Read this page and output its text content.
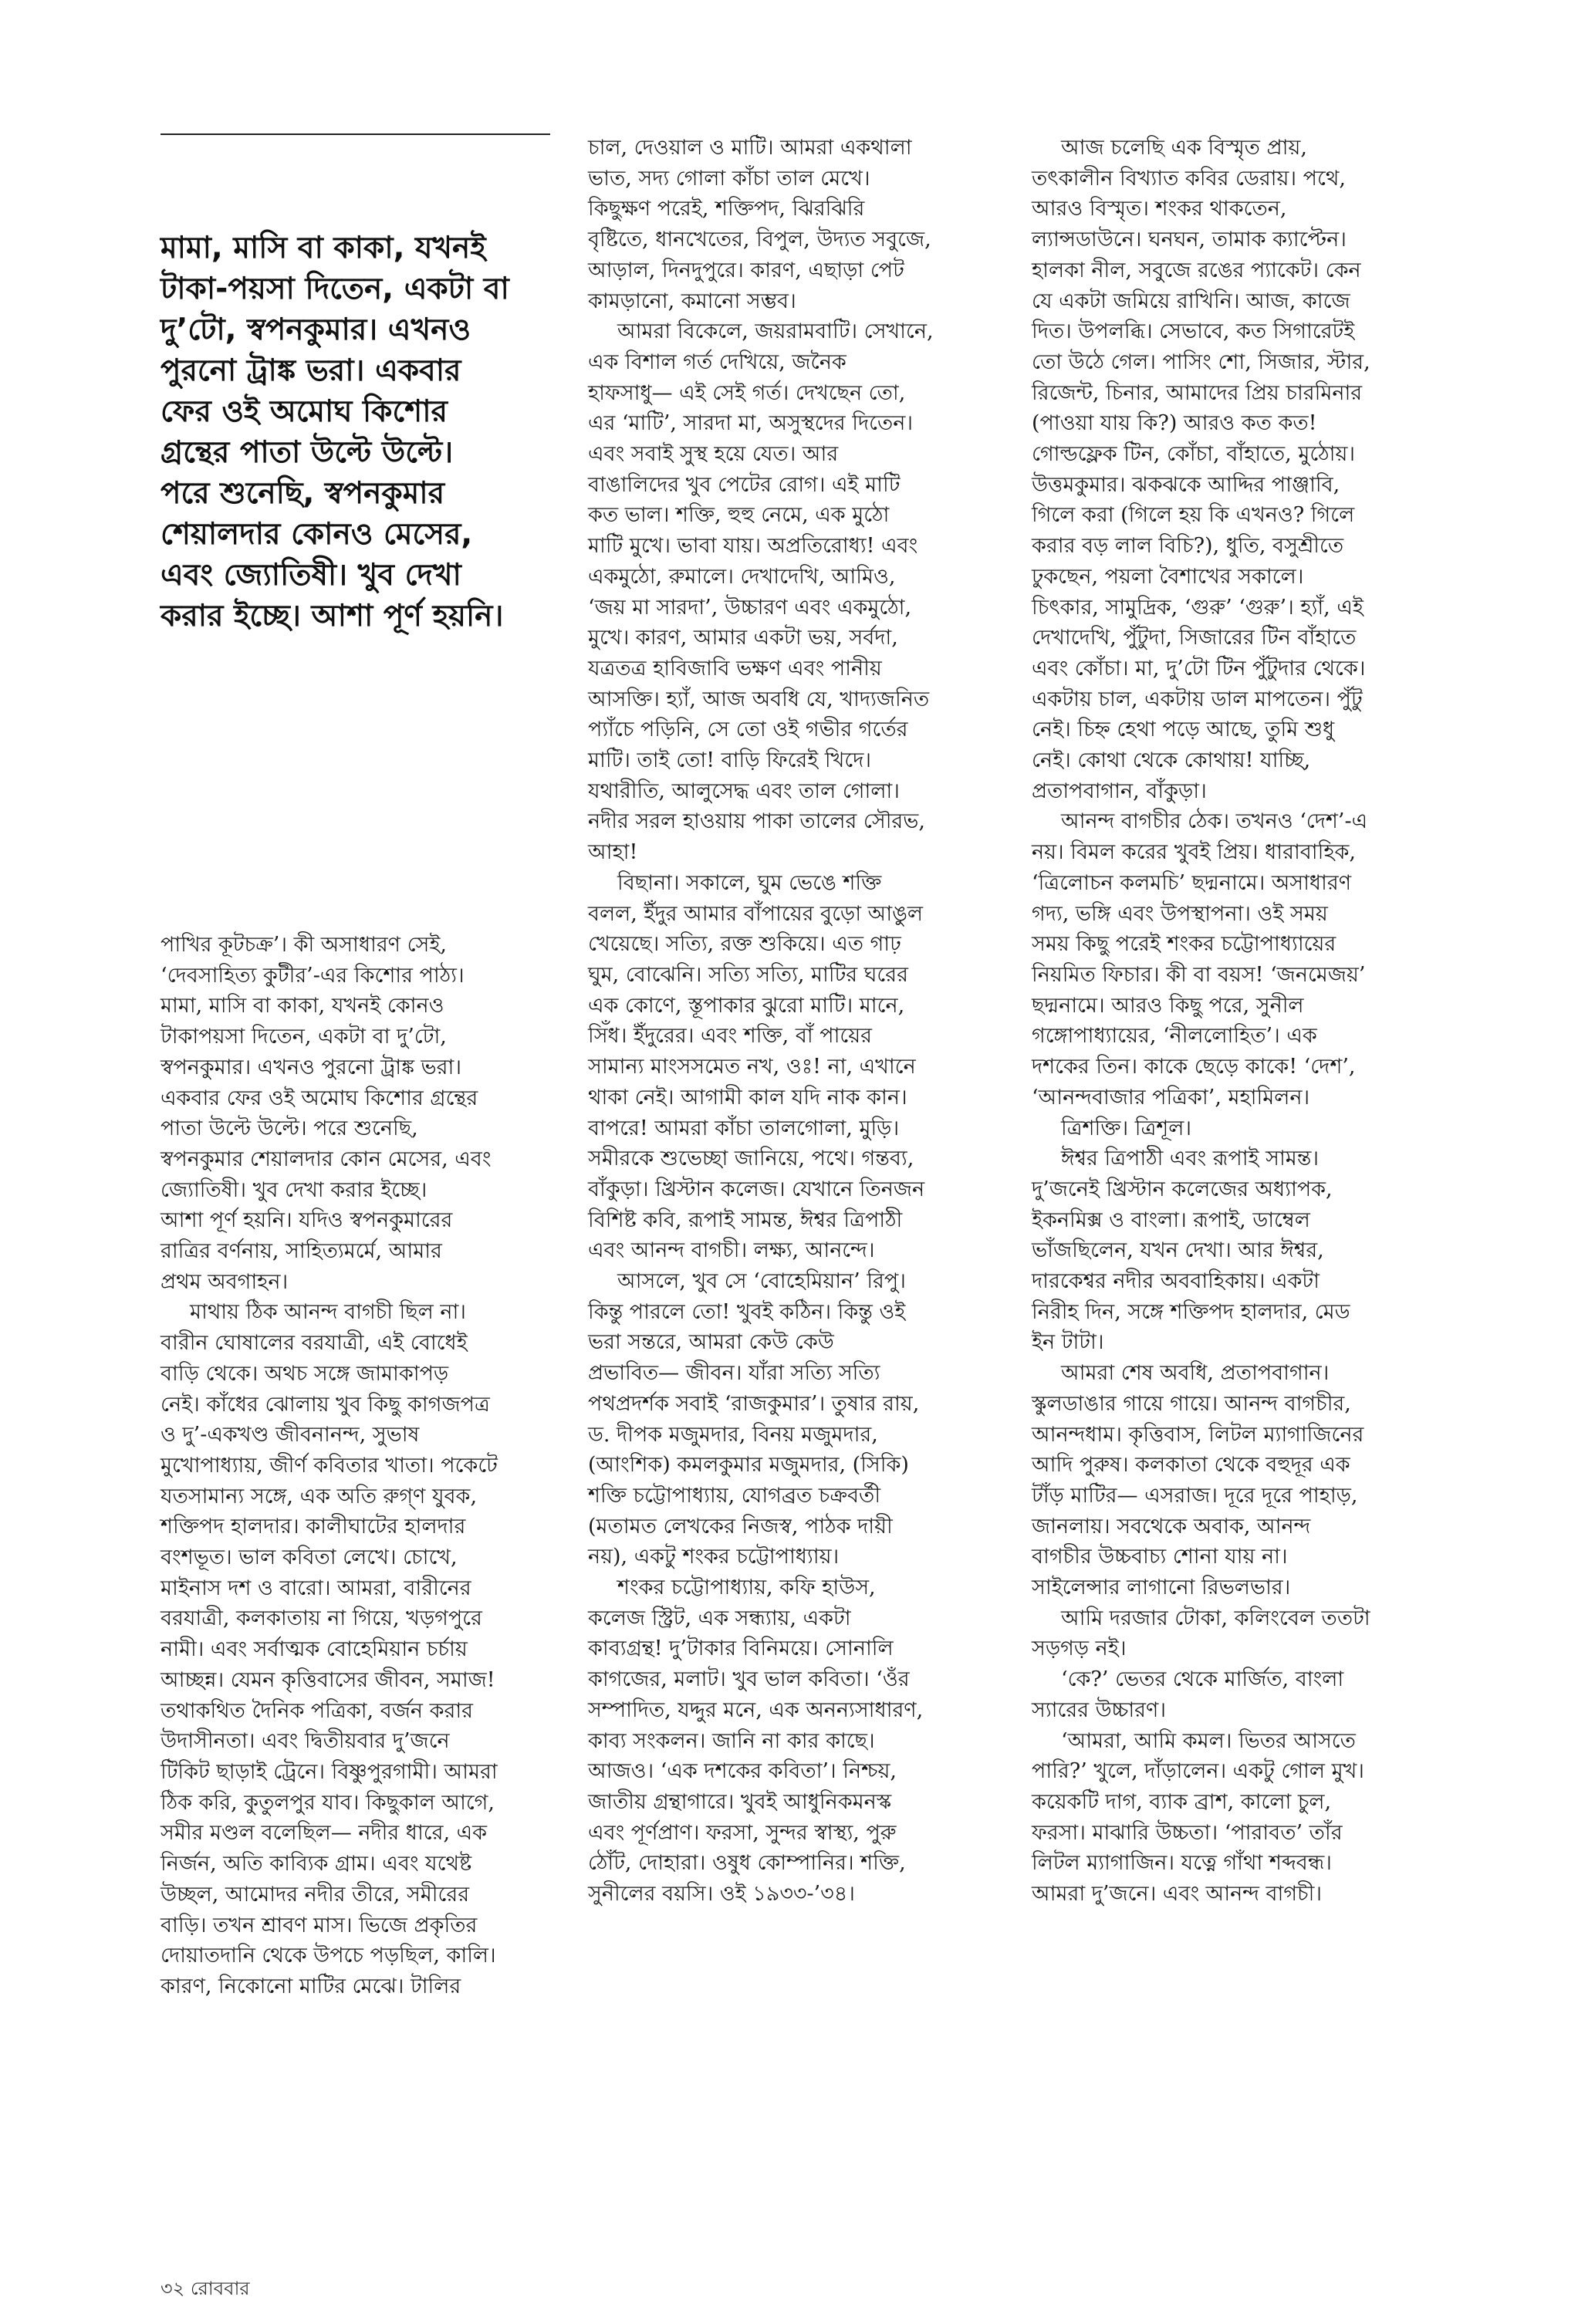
মামা, মাসি বা কাকা, যখনই
টাকা-পয়সা দিতেন, একটা বা
দু’টো, স্বপনকুমার। এখনও
পুরনো ট্রাঙ্ক ভরা। একবার
ফের ওই অমোঘ কিশোর
গ্রন্থের পাতা উল্টে উল্টে।
পরে শুনেছি, স্বপনকুমার
শেয়ালদার কোনও মেসের,
এবং জ্যোতিষী। খুব দেখা
করার ইচ্ছে। আশা পূর্ণ হয়নি।

পাখির কূটচক্র’। কী অসাধারণ সেই,
‘দেবসাহিত্য কুটীর’-এর কিশোর পাঠ্য।
মামা, মাসি বা কাকা, যখনই কোনও
টাকাপয়সা দিতেন, একটা বা দু’টো,
স্বপনকুমার। এখনও পুরনো ট্রাঙ্ক ভরা।
একবার ফের ওই অমোঘ কিশোর গ্রন্থের
পাতা উল্টে উল্টে। পরে শুনেছি,
স্বপনকুমার শেয়ালদার কোন মেসের, এবং
জ্যোতিষী। খুব দেখা করার ইচ্ছে।
আশা পূর্ণ হয়নি। যদিও স্বপনকুমারের
রাত্রির বর্ণনায়, সাহিত্যমর্মে, আমার
প্রথম অবগাহন।

মাথায় ঠিক আনন্দ বাগচী ছিল না।
বারীন ঘোষালের বরযাত্রী, এই বোধেই
বাড়ি থেকে। অথচ সঙ্গে জামাকাপড়
নেই। কাঁধের ঝোলায় খুব কিছু কাগজপত্র
ও দু’-একখণ্ড জীবনানন্দ, সুভাষ
মুখোপাধ্যায়, জীর্ণ কবিতার খাতা। পকেটে
যতসামান্য সঙ্গে, এক অতি রুগ্ণ যুবক,
শক্তিপদ হালদার। কালীঘাটের হালদার
বংশভূত। ভাল কবিতা লেখে। চোখে,
মাইনাস দশ ও বারো। আমরা, বারীনের
বরযাত্রী, কলকাতায় না গিয়ে, খড়গপুরে
নামী। এবং সর্বাত্মক বোহেমিয়ান চর্চায়
আচ্ছন্ন। যেমন কৃত্তিবাসের জীবন, সমাজ!
তথাকথিত দৈনিক পত্রিকা, বর্জন করার
উদাসীনতা। এবং দ্বিতীয়বার দু’জনে
টিকিট ছাড়াই ট্রেনে। বিষ্ণুপুরগামী। আমরা
ঠিক করি, কুতুলপুর যাব। কিছুকাল আগে,
সমীর মণ্ডল বলেছিল— নদীর ধারে, এক
নির্জন, অতি কাব্যিক গ্রাম। এবং যথেষ্ট
উচ্ছল, আমোদর নদীর তীরে, সমীরের
বাড়ি। তখন শ্রাবণ মাস। ভিজে প্রকৃতির
দোয়াতদানি থেকে উপচে পড়ছিল, কালি।
কারণ, নিকোনো মাটির মেঝে। টালির

চাল, দেওয়াল ও মাটি। আমরা একথালা
ভাত, সদ্য গোলা কাঁচা তাল মেখে।
কিছুক্ষণ পরেই, শক্তিপদ, ঝিরঝিরি
বৃষ্টিতে, ধানখেতের, বিপুল, উদ্যত সবুজে,
আড়াল, দিনদুপুরে। কারণ, এছাড়া পেট
কামড়ানো, কমানো সম্ভব।

আমরা বিকেলে, জয়রামবাটি। সেখানে,
এক বিশাল গর্ত দেখিয়ে, জনৈক
হাফসাধু— এই সেই গর্ত। দেখছেন তো,
এর ‘মাটি’, সারদা মা, অসুস্থদের দিতেন।
এবং সবাই সুস্থ হয়ে যেত। আর
বাঙালিদের খুব পেটের রোগ। এই মাটি
কত ভাল। শক্তি, হুহু নেমে, এক মুঠো
মাটি মুখে। ভাবা যায়। অপ্রতিরোধ্য! এবং
একমুঠো, রুমালে। দেখাদেখি, আমিও,
‘জয় মা সারদা’, উচ্চারণ এবং একমুঠো,
মুখে। কারণ, আমার একটা ভয়, সর্বদা,
যত্রতত্র হাবিজাবি ভক্ষণ এবং পানীয়
আসক্তি। হ্যাঁ, আজ অবধি যে, খাদ্যজনিত
প্যাঁচে পড়িনি, সে তো ওই গভীর গর্তের
মাটি। তাই তো! বাড়ি ফিরেই খিদে।
যথারীতি, আলুসেদ্ধ এবং তাল গোলা।
নদীর সরল হাওয়ায় পাকা তালের সৌরভ,
আহা!

বিছানা। সকালে, ঘুম ভেঙে শক্তি
বলল, ইঁদুর আমার বাঁপায়ের বুড়ো আঙুল
খেয়েছে। সত্যি, রক্ত শুকিয়ে। এত গাঢ়
ঘুম, বোঝেনি। সত্যি সত্যি, মাটির ঘরের
এক কোণে, স্তূপাকার ঝুরো মাটি। মানে,
সিঁধ। ইঁদুরের। এবং শক্তি, বাঁ পায়ের
সামান্য মাংসসমেত নখ, ওঃ! না, এখানে
থাকা নেই। আগামী কাল যদি নাক কান।
বাপরে! আমরা কাঁচা তালগোলা, মুড়ি।
সমীরকে শুভেচ্ছা জানিয়ে, পথে। গন্তব্য,
বাঁকুড়া। খ্রিস্টান কলেজ। যেখানে তিনজন
বিশিষ্ট কবি, রূপাই সামন্ত, ঈশ্বর ত্রিপাঠী
এবং আনন্দ বাগচী। লক্ষ্য, আনন্দে।

আসলে, খুব সে ‘বোহেমিয়ান’ রিপু।
কিন্তু পারলে তো! খুবই কঠিন। কিন্তু ওই
ভরা সন্তরে, আমরা কেউ কেউ
প্রভাবিত— জীবন। যাঁরা সত্যি সত্যি
পথপ্রদর্শক সবাই ‘রাজকুমার’। তুষার রায়,
ড. দীপক মজুমদার, বিনয় মজুমদার,
(আংশিক) কমলকুমার মজুমদার, (সিকি)
শক্তি চট্টোপাধ্যায়, যোগব্রত চক্রবর্তী
(মতামত লেখকের নিজস্ব, পাঠক দায়ী
নয়), একটু শংকর চট্টোপাধ্যায়।

শংকর চট্টোপাধ্যায়, কফি হাউস,
কলেজ স্ট্রিট, এক সন্ধ্যায়, একটা
কাব্যগ্রন্থ! দু’টাকার বিনিময়ে। সোনালি
কাগজের, মলাট। খুব ভাল কবিতা। ‘ওঁর
সম্পাদিত, যদ্দুর মনে, এক অনন্যসাধারণ,
কাব্য সংকলন। জানি না কার কাছে।
আজও। ‘এক দশকের কবিতা’। নিশ্চয়,
জাতীয় গ্রন্থাগারে। খুবই আধুনিকমনস্ক
এবং পূর্ণপ্রাণ। ফরসা, সুন্দর স্বাস্থ্য, পুরু
ঠোঁট, দোহারা। ওষুধ কোম্পানির। শক্তি,
সুনীলের বয়সি। ওই ১৯৩৩-’৩৪।

আজ চলেছি এক বিস্মৃত প্রায়,
তৎকালীন বিখ্যাত কবির ডেরায়। পথে,
আরও বিস্মৃত। শংকর থাকতেন,
ল্যান্সডাউনে। ঘনঘন, তামাক ক্যাপ্টেন।
হালকা নীল, সবুজে রঙের প্যাকেট। কেন
যে একটা জমিয়ে রাখিনি। আজ, কাজে
দিত। উপলব্ধি। সেভাবে, কত সিগারেটই
তো উঠে গেল। পাসিং শো, সিজার, স্টার,
রিজেন্ট, চিনার, আমাদের প্রিয় চারমিনার
(পাওয়া যায় কি?) আরও কত কত!
গোল্ডফ্লেক টিন, কোঁচা, বাঁহাতে, মুঠোয়।
উত্তমকুমার। ঝকঝকে আদ্দির পাঞ্জাবি,
গিলে করা (গিলে হয় কি এখনও? গিলে
করার বড় লাল বিচি?), ধুতি, বসুশ্রীতে
ঢুকছেন, পয়লা বৈশাখের সকালে।
চিৎকার, সামুদ্রিক, ‘গুরু’ ‘গুরু’। হ্যাঁ, এই
দেখাদেখি, পুঁটুদা, সিজারের টিন বাঁহাতে
এবং কোঁচা। মা, দু’টো টিন পুঁটুদার থেকে।
একটায় চাল, একটায় ডাল মাপতেন। পুঁটু
নেই। চিহ্ন হেথা পড়ে আছে, তুমি শুধু
নেই। কোথা থেকে কোথায়! যাচ্ছি,
প্রতাপবাগান, বাঁকুড়া।

আনন্দ বাগচীর ঠেক। তখনও ‘দেশ’-এ
নয়। বিমল করের খুবই প্রিয়। ধারাবাহিক,
‘ত্রিলোচন কলমচি’ ছদ্মনামে। অসাধারণ
গদ্য, ভঙ্গি এবং উপস্থাপনা। ওই সময়
সময় কিছু পরেই শংকর চট্টোপাধ্যায়ের
নিয়মিত ফিচার। কী বা বয়স! ‘জনমেজয়’
ছদ্মনামে। আরও কিছু পরে, সুনীল
গঙ্গোপাধ্যায়ের, ‘নীললোহিত’। এক
দশকের তিন। কাকে ছেড়ে কাকে! ‘দেশ’,
‘আনন্দবাজার পত্রিকা’, মহামিলন।

ত্রিশক্তি। ত্রিশূল।

ঈশ্বর ত্রিপাঠী এবং রূপাই সামন্ত।
দু’জনেই খ্রিস্টান কলেজের অধ্যাপক,
ইকনমিক্স ও বাংলা। রূপাই, ডাম্বেল
ভাঁজছিলেন, যখন দেখা। আর ঈশ্বর,
দারকেশ্বর নদীর অববাহিকায়। একটা
নিরীহ দিন, সঙ্গে শক্তিপদ হালদার, মেড
ইন টাটা।

আমরা শেষ অবধি, প্রতাপবাগান।
স্কুলডাঙার গায়ে গায়ে। আনন্দ বাগচীর,
আনন্দধাম। কৃত্তিবাস, লিটল ম্যাগাজিনের
আদি পুরুষ। কলকাতা থেকে বহুদূর এক
টাঁড় মাটির— এসরাজ। দূরে দূরে পাহাড়,
জানলায়। সবথেকে অবাক, আনন্দ
বাগচীর উচ্চবাচ্য শোনা যায় না।
সাইলেন্সার লাগানো রিভলভার।

আমি দরজার টোকা, কলিংবেল ততটা
সড়গড় নই।

‘কে?’ ভেতর থেকে মার্জিত, বাংলা
স্যারের উচ্চারণ।

‘আমরা, আমি কমল। ভিতর আসতে
পারি?’ খুলে, দাঁড়ালেন। একটু গোল মুখ।
কয়েকটি দাগ, ব্যাক ব্রাশ, কালো চুল,
ফরসা। মাঝারি উচ্চতা। ‘পারাবত’ তাঁর
লিটল ম্যাগাজিন। যত্নে গাঁথা শব্দবন্ধ।
আমরা দু’জনে। এবং আনন্দ বাগচী।

৩২ রোববার
